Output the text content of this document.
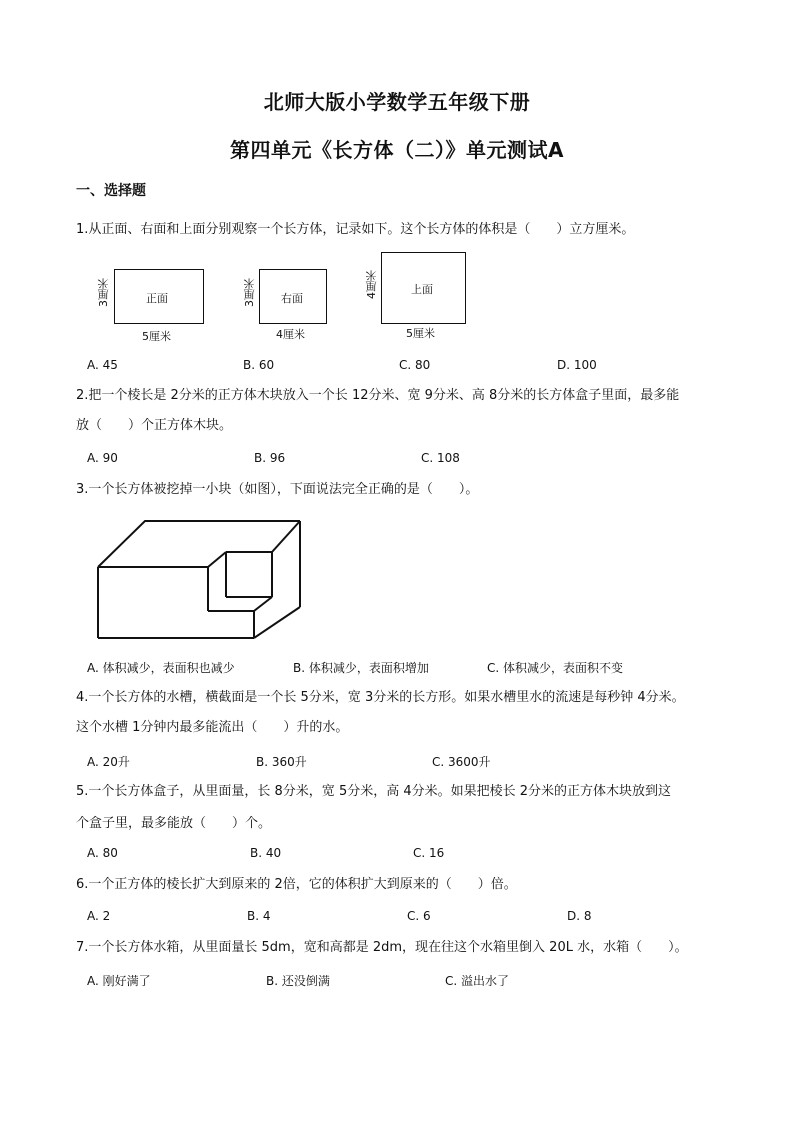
北师大版小学数学五年级下册
第四单元《长方体（二）》单元测试A
一、选择题
1.从正面、右面和上面分别观察一个长方体，记录如下。这个长方体的体积是（　　）立方厘米。
正面
5厘米
3厘米	右面
4厘米
3厘米	上面
5厘米
4厘米
A. 45	B. 60	C. 80	D. 100
2.把一个棱长是 2分米的正方体木块放入一个长 12分米、宽 9分米、高 8分米的长方体盒子里面，最多能
放（　　）个正方体木块。
A. 90	B. 96	C. 108
3.一个长方体被挖掉一小块（如图），下面说法完全正确的是（　　）。
A. 体积减少，表面积也减少	B. 体积减少，表面积增加	C. 体积减少，表面积不变
4.一个长方体的水槽，横截面是一个长 5分米，宽 3分米的长方形。如果水槽里水的流速是每秒钟 4分米。
这个水槽 1分钟内最多能流出（　　）升的水。
A. 20升	B. 360升	C. 3600升
5.一个长方体盒子，从里面量，长 8分米，宽 5分米，高 4分米。如果把棱长 2分米的正方体木块放到这
个盒子里，最多能放（　　）个。
A. 80	B. 40	C. 16
6.一个正方体的棱长扩大到原来的 2倍，它的体积扩大到原来的（　　）倍。
A. 2	B. 4	C. 6	D. 8
7.一个长方体水箱，从里面量长 5dm，宽和高都是 2dm，现在往这个水箱里倒入 20L 水，水箱（　　）。
A. 刚好满了	B. 还没倒满	C. 溢出水了
